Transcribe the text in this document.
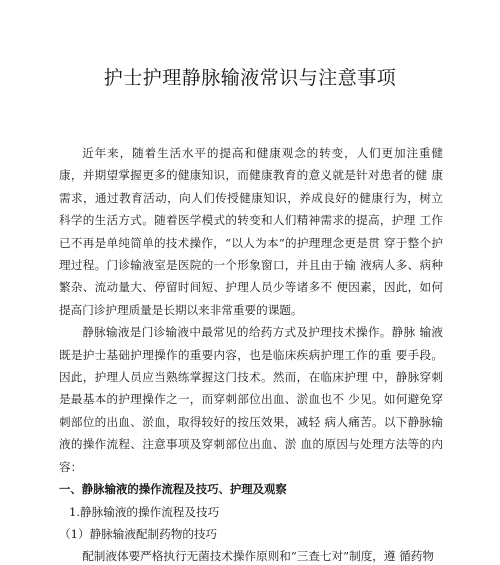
护士护理静脉输液常识与注意事项

近年来，随着生活水平的提高和健康观念的转变，人们更加注重健 康，并期望掌握更多的健康知识，而健康教育的意义就是针对患者的健 康需求，通过教育活动，向人们传授健康知识，养成良好的健康行为，树立 科学的生活方式。随着医学模式的转变和人们精神需求的提高，护理 工作已不再是单纯简单的技术操作，“以人为本”的护理理念更是贯 穿于整个护理过程。门诊输液室是医院的一个形象窗口，并且由于输 液病人多、病种繁杂、流动量大、停留时间短、护理人员少等诸多不 便因素，因此，如何提高门诊护理质量是长期以来非常重要的课题。

静脉输液是门诊输液中最常见的给药方式及护理技术操作。静脉 输液既是护士基础护理操作的重要内容，也是临床疾病护理工作的重 要手段。因此，护理人员应当熟练掌握这门技术。然而，在临床护理 中，静脉穿刺是最基本的护理操作之一，而穿刺部位出血、淤血也不 少见。如何避免穿刺部位的出血、淤血，取得较好的按压效果，减轻 病人痛苦。以下静脉输液的操作流程、注意事项及穿刺部位出血、淤 血的原因与处理方法等的内容：

一、静脉输液的操作流程及技巧、护理及观察

1.静脉输液的操作流程及技巧

（1）静脉输液配制药物的技巧

配制液体要严格执行无菌技术操作原则和“三查七对”制度，遵 循药物
